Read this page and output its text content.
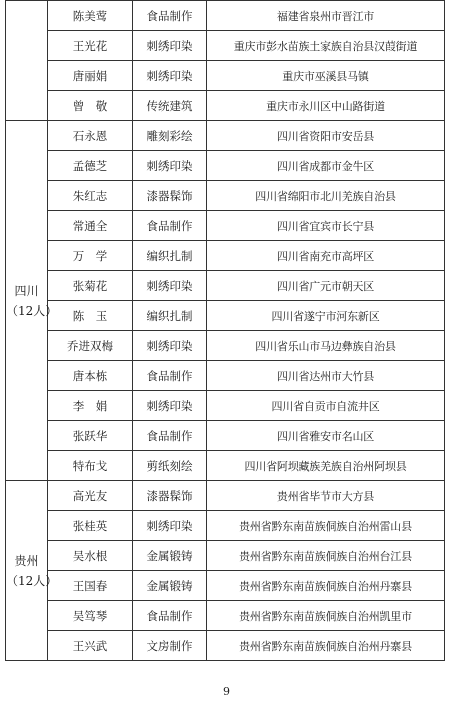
	陈美莺	食品制作	福建省泉州市晋江市
	王光花	刺绣印染	重庆市彭水苗族土家族自治县汉葭街道
	唐丽娟	刺绣印染	重庆市巫溪县马镇
	曾　敬	传统建筑	重庆市永川区中山路街道

四川
（12人）	石永恩	雕刻彩绘	四川省资阳市安岳县
	孟德芝	刺绣印染	四川省成都市金牛区
	朱红志	漆器髹饰	四川省绵阳市北川羌族自治县
	常通全	食品制作	四川省宜宾市长宁县
	万　学	编织扎制	四川省南充市高坪区
	张菊花	刺绣印染	四川省广元市朝天区
	陈　玉	编织扎制	四川省遂宁市河东新区
	乔进双梅	刺绣印染	四川省乐山市马边彝族自治县
	唐本栋	食品制作	四川省达州市大竹县
	李　娟	刺绣印染	四川省自贡市自流井区
	张跃华	食品制作	四川省雅安市名山区
	特布戈	剪纸刻绘	四川省阿坝藏族羌族自治州阿坝县

贵州
（12人）	高光友	漆器髹饰	贵州省毕节市大方县
	张桂英	刺绣印染	贵州省黔东南苗族侗族自治州雷山县
	吴水根	金属锻铸	贵州省黔东南苗族侗族自治州台江县
	王国春	金属锻铸	贵州省黔东南苗族侗族自治州丹寨县
	吴笃琴	食品制作	贵州省黔东南苗族侗族自治州凯里市
	王兴武	文房制作	贵州省黔东南苗族侗族自治州丹寨县
9
